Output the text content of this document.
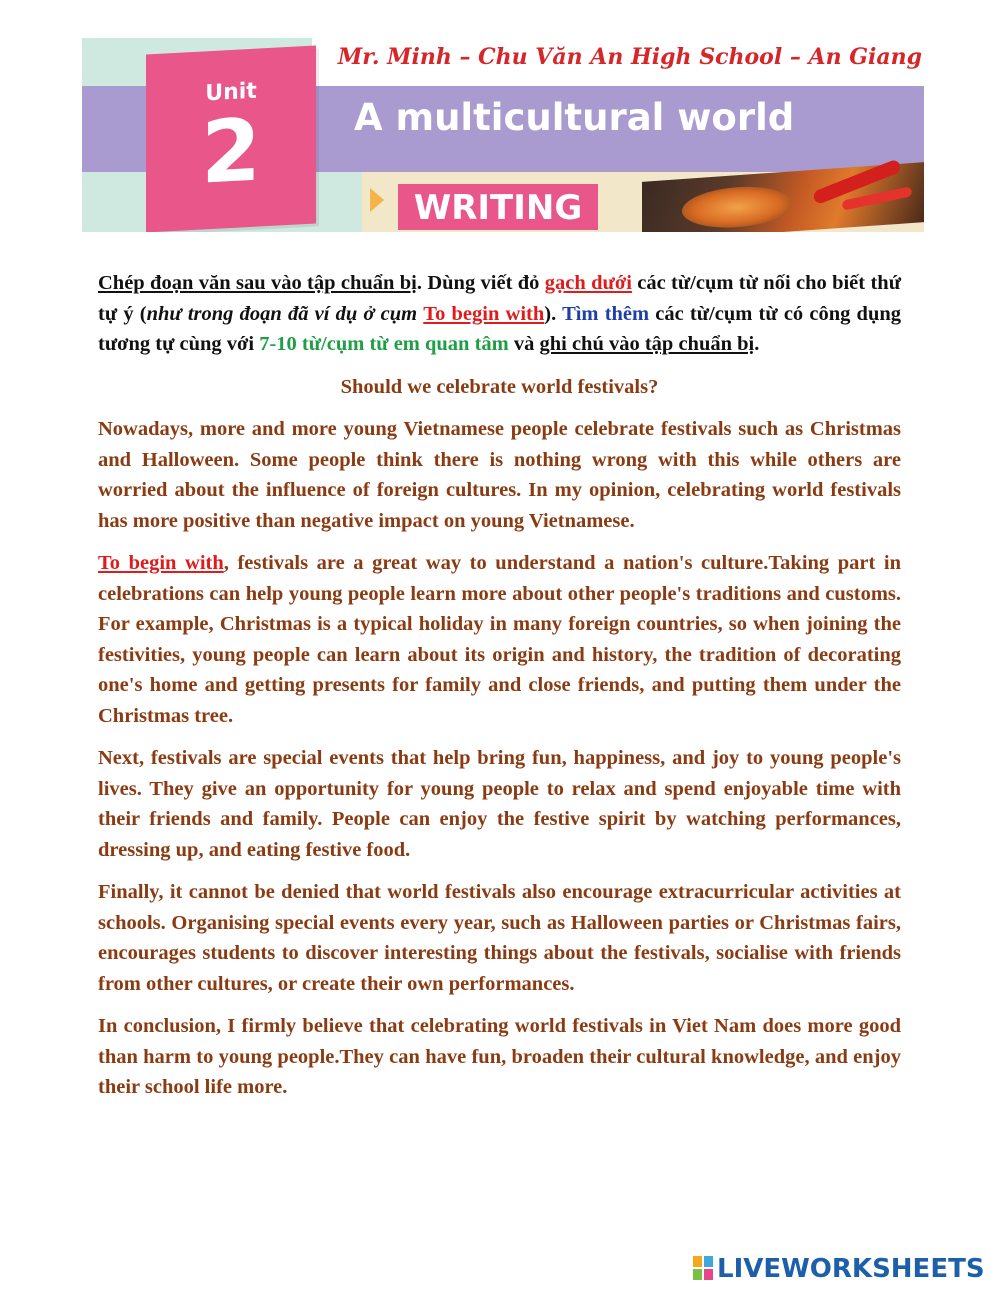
Unit
2
Mr. Minh – Chu Văn An High School – An Giang
A multicultural world
WRITING

Chép đoạn văn sau vào tập chuẩn bị. Dùng viết đỏ gạch dưới các từ/cụm từ nối cho biết thứ tự ý (như trong đoạn đã ví dụ ở cụm To begin with). Tìm thêm các từ/cụm từ có công dụng tương tự cùng với 7-10 từ/cụm từ em quan tâm và ghi chú vào tập chuẩn bị.

Should we celebrate world festivals?

Nowadays, more and more young Vietnamese people celebrate festivals such as Christmas and Halloween. Some people think there is nothing wrong with this while others are worried about the influence of foreign cultures. In my opinion, celebrating world festivals has more positive than negative impact on young Vietnamese.

To begin with, festivals are a great way to understand a nation's culture.Taking part in celebrations can help young people learn more about other people's traditions and customs. For example, Christmas is a typical holiday in many foreign countries, so when joining the festivities, young people can learn about its origin and history, the tradition of decorating one's home and getting presents for family and close friends, and putting them under the Christmas tree.

Next, festivals are special events that help bring fun, happiness, and joy to young people's lives. They give an opportunity for young people to relax and spend enjoyable time with their friends and family. People can enjoy the festive spirit by watching performances, dressing up, and eating festive food.

Finally, it cannot be denied that world festivals also encourage extracurricular activities at schools. Organising special events every year, such as Halloween parties or Christmas fairs, encourages students to discover interesting things about the festivals, socialise with friends from other cultures, or create their own performances.

In conclusion, I firmly believe that celebrating world festivals in Viet Nam does more good than harm to young people.They can have fun, broaden their cultural knowledge, and enjoy their school life more.

LIVEWORKSHEETS
